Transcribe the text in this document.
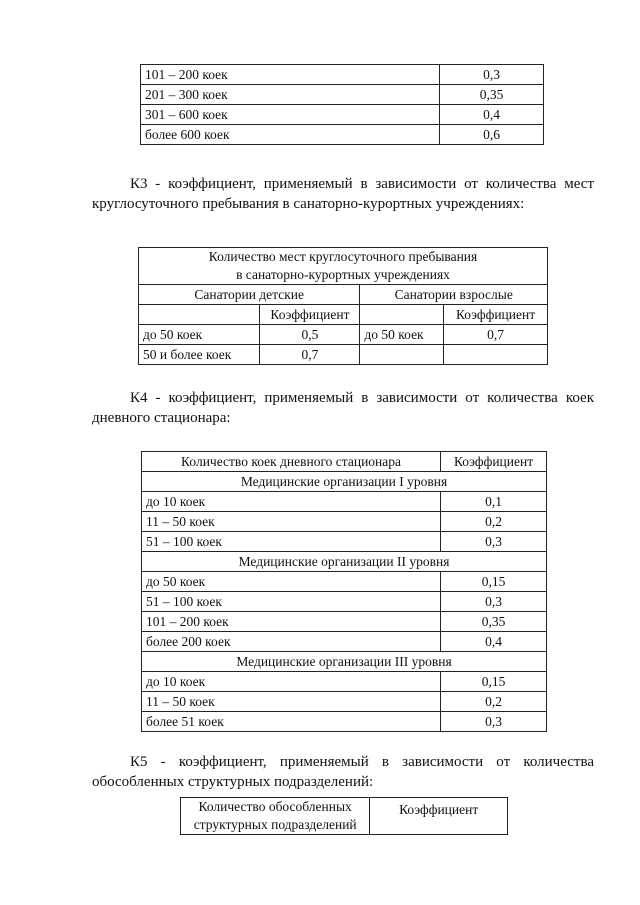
101 – 200 коек	0,3
201 – 300 коек	0,35
301 – 600 коек	0,4
более 600 коек	0,6

К3 - коэффициент, применяемый в зависимости от количества мест круглосуточного пребывания в санаторно-курортных учреждениях:

Количество мест круглосуточного пребывания
в санаторно-курортных учреждениях			
Санатории детские		Санатории взрослые	
	Коэффициент		Коэффициент
до 50 коек	0,5	до 50 коек	0,7
50 и более коек	0,7		

К4 - коэффициент, применяемый в зависимости от количества коек дневного стационара:

Количество коек дневного стационара	Коэффициент
Медицинские организации I уровня	
до 10 коек	0,1
11 – 50 коек	0,2
51 – 100 коек	0,3
Медицинские организации II уровня	
до 50 коек	0,15
51 – 100 коек	0,3
101 – 200 коек	0,35
более 200 коек	0,4
Медицинские организации III уровня	
до 10 коек	0,15
11 – 50 коек	0,2
более 51 коек	0,3

К5 - коэффициент, применяемый в зависимости от количества обособленных структурных подразделений:

Количество обособленных
структурных подразделений	Коэффициент
